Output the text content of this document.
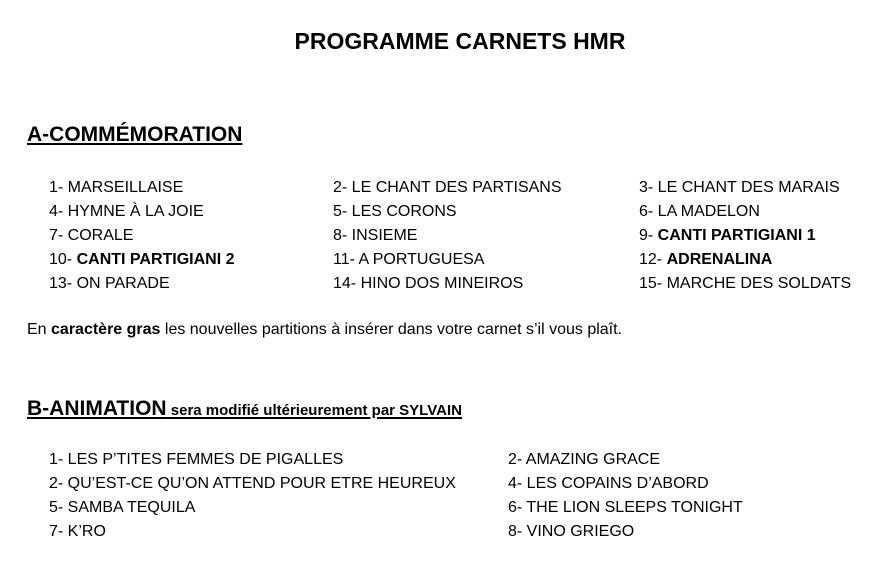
PROGRAMME CARNETS HMR
A-COMMÉMORATION
1- MARSEILLAISE
4- HYMNE À LA JOIE
7- CORALE
10- CANTI PARTIGIANI 2
13- ON PARADE
2- LE CHANT DES PARTISANS
5- LES CORONS
8- INSIEME
11- A PORTUGUESA
14- HINO DOS MINEIROS
3- LE CHANT DES MARAIS
6- LA MADELON
9- CANTI PARTIGIANI 1
12- ADRENALINA
15- MARCHE DES SOLDATS
En caractère gras les nouvelles partitions à insérer dans votre carnet s’il vous plaît.
B-ANIMATION sera modifié ultérieurement par SYLVAIN
1- LES P’TITES FEMMES DE PIGALLES
2- QU’EST-CE QU’ON ATTEND POUR ETRE HEUREUX
5- SAMBA TEQUILA
7- K’RO
2- AMAZING GRACE
4- LES COPAINS D’ABORD
6- THE LION SLEEPS TONIGHT
8- VINO GRIEGO
